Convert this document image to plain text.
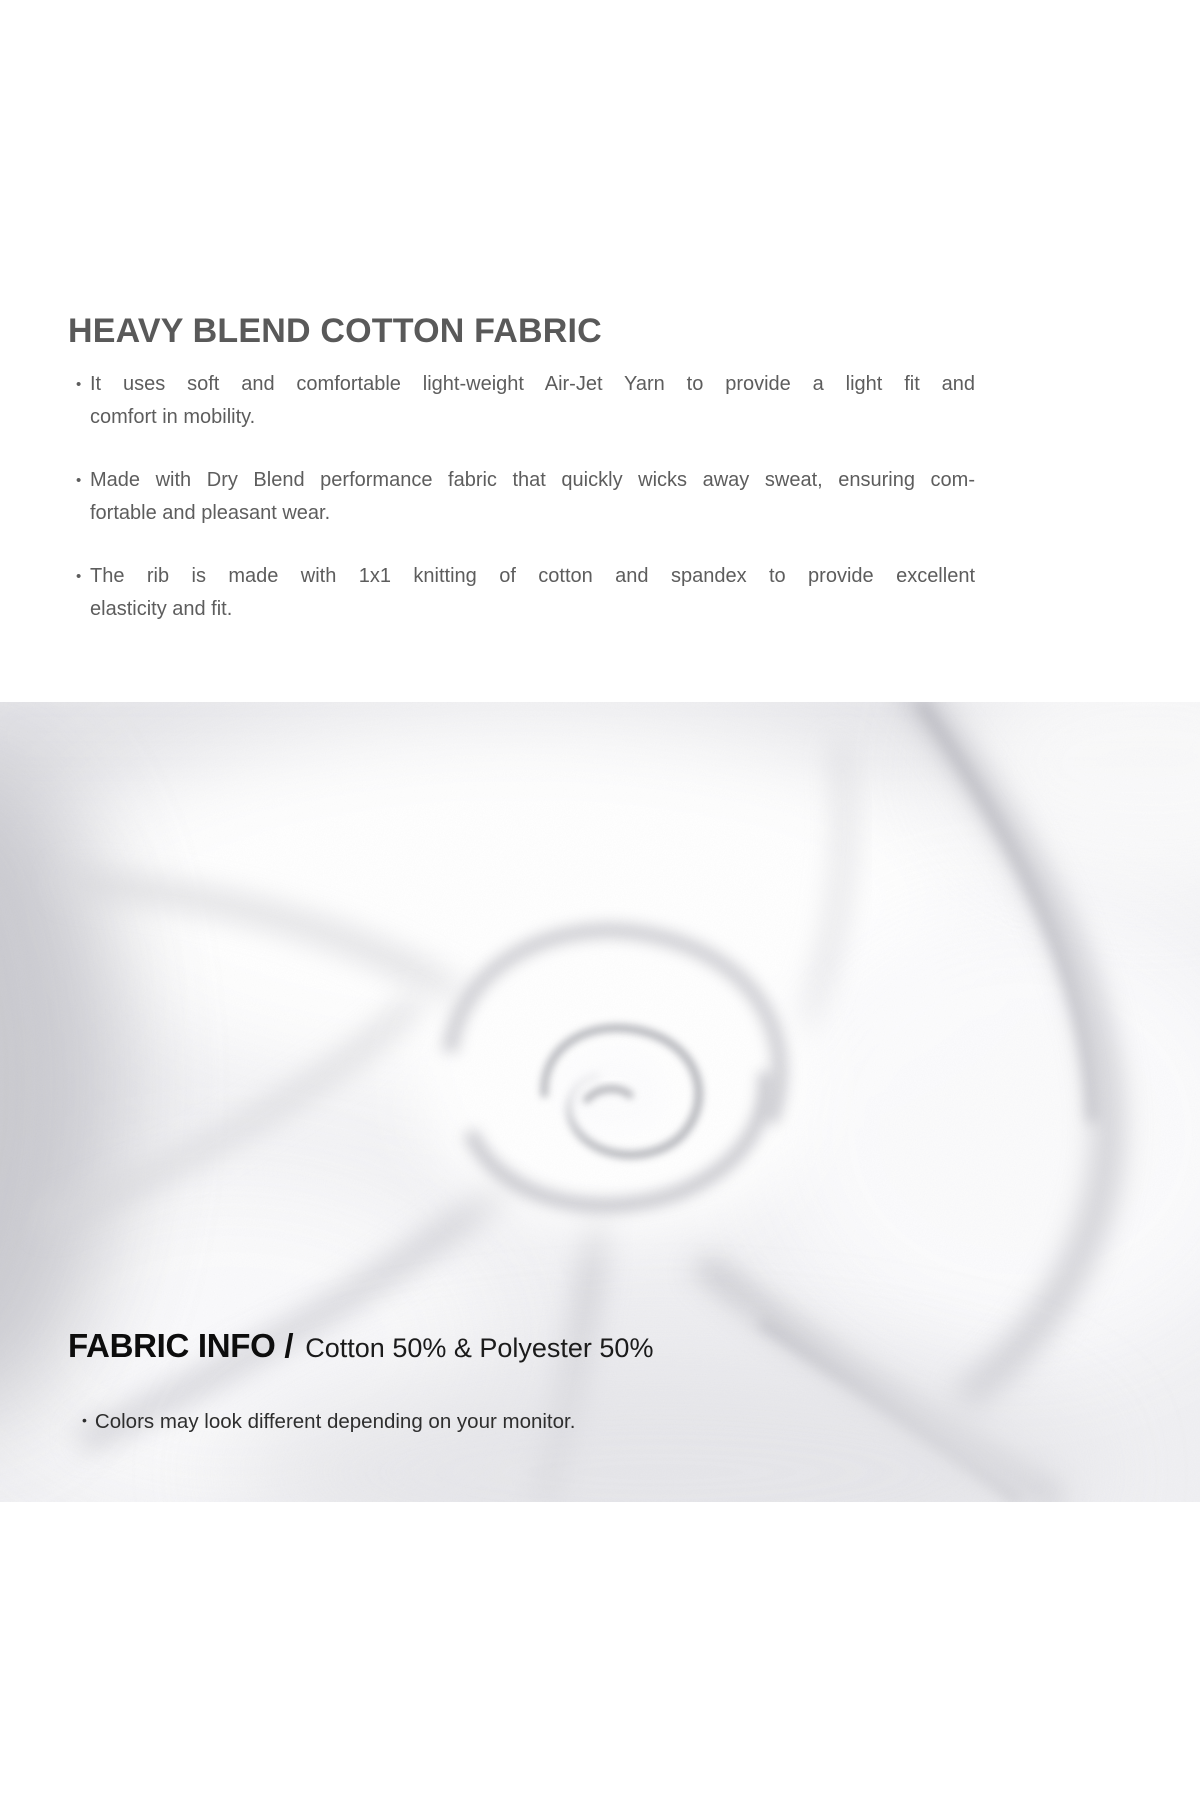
HEAVY BLEND COTTON FABRIC
• It uses soft and comfortable light-weight Air-Jet Yarn to provide a light fit and
comfort in mobility.
• Made with Dry Blend performance fabric that quickly wicks away sweat, ensuring com-
fortable and pleasant wear.
• The rib is made with 1x1 knitting of cotton and spandex to provide excellent
elasticity and fit.
FABRIC INFO / Cotton 50% & Polyester 50%
• Colors may look different depending on your monitor.
